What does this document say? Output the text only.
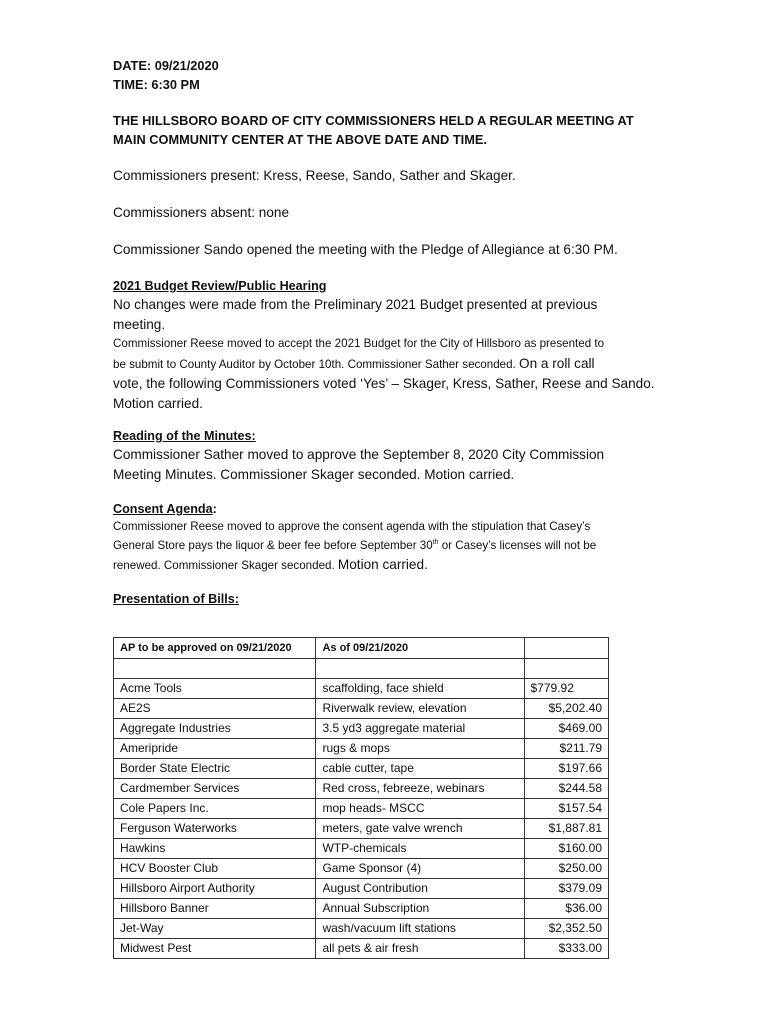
DATE: 09/21/2020
TIME: 6:30 PM
THE HILLSBORO BOARD OF CITY COMMISSIONERS HELD A REGULAR MEETING AT
MAIN COMMUNITY CENTER AT THE ABOVE DATE AND TIME.
Commissioners present: Kress, Reese, Sando, Sather and Skager.
Commissioners absent: none
Commissioner Sando opened the meeting with the Pledge of Allegiance at 6:30 PM.
2021 Budget Review/Public Hearing
No changes were made from the Preliminary 2021 Budget presented at previous
meeting.
Commissioner Reese moved to accept the 2021 Budget for the City of Hillsboro as presented to
be submit to County Auditor by October 10th. Commissioner Sather seconded. On a roll call
vote, the following Commissioners voted ‘Yes’ – Skager, Kress, Sather, Reese and Sando.
Motion carried.
Reading of the Minutes:
Commissioner Sather moved to approve the September 8, 2020 City Commission
Meeting Minutes. Commissioner Skager seconded. Motion carried.
Consent Agenda:
Commissioner Reese moved to approve the consent agenda with the stipulation that Casey’s
General Store pays the liquor & beer fee before September 30th or Casey’s licenses will not be
renewed. Commissioner Skager seconded. Motion carried.
Presentation of Bills:
AP to be approved on 09/21/2020	As of 09/21/2020	

Acme Tools	scaffolding, face shield	$779.92
AE2S	Riverwalk review, elevation	$5,202.40
Aggregate Industries	3.5 yd3 aggregate material	$469.00
Ameripride	rugs & mops	$211.79
Border State Electric	cable cutter, tape	$197.66
Cardmember Services	Red cross, febreeze, webinars	$244.58
Cole Papers Inc.	mop heads- MSCC	$157.54
Ferguson Waterworks	meters, gate valve wrench	$1,887.81
Hawkins	WTP-chemicals	$160.00
HCV Booster Club	Game Sponsor (4)	$250.00
Hillsboro Airport Authority	August Contribution	$379.09
Hillsboro Banner	Annual Subscription	$36.00
Jet-Way	wash/vacuum lift stations	$2,352.50
Midwest Pest	all pets & air fresh	$333.00
